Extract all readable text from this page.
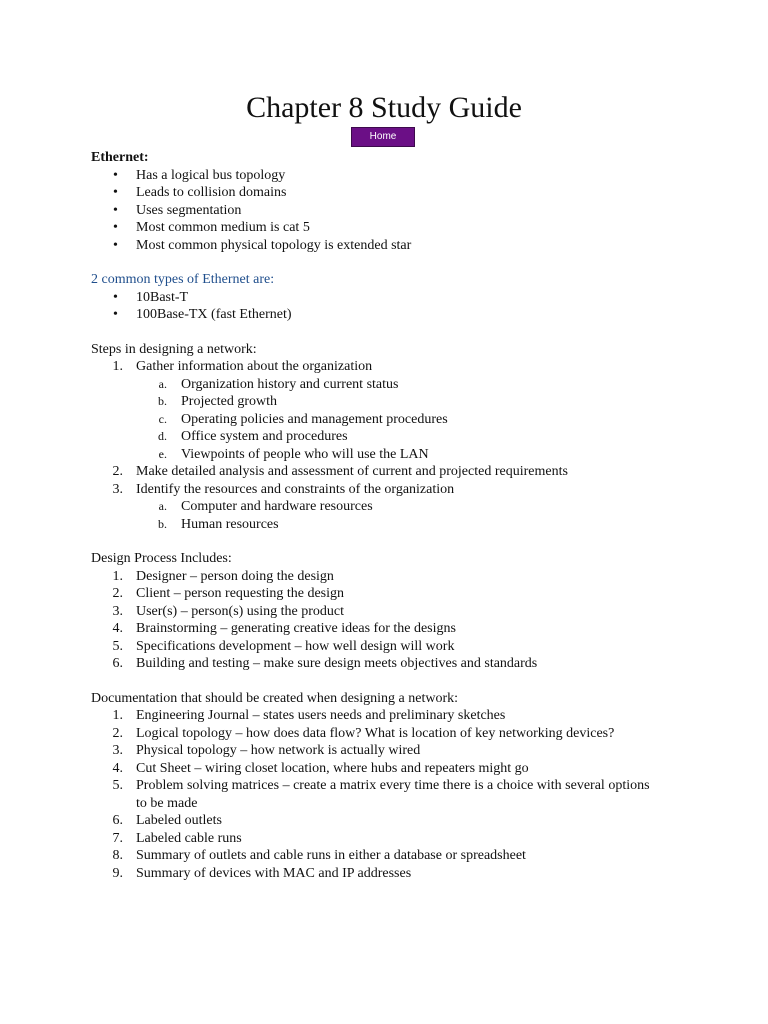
Chapter 8 Study Guide
Home
Ethernet:
• Has a logical bus topology
• Leads to collision domains
• Uses segmentation
• Most common medium is cat 5
• Most common physical topology is extended star
2 common types of Ethernet are:
• 10Bast-T
• 100Base-TX (fast Ethernet)
Steps in designing a network:
1. Gather information about the organization
a. Organization history and current status
b. Projected growth
c. Operating policies and management procedures
d. Office system and procedures
e. Viewpoints of people who will use the LAN
2. Make detailed analysis and assessment of current and projected requirements
3. Identify the resources and constraints of the organization
a. Computer and hardware resources
b. Human resources
Design Process Includes:
1. Designer – person doing the design
2. Client – person requesting the design
3. User(s) – person(s) using the product
4. Brainstorming – generating creative ideas for the designs
5. Specifications development – how well design will work
6. Building and testing – make sure design meets objectives and standards
Documentation that should be created when designing a network:
1. Engineering Journal – states users needs and preliminary sketches
2. Logical topology – how does data flow? What is location of key networking devices?
3. Physical topology – how network is actually wired
4. Cut Sheet – wiring closet location, where hubs and repeaters might go
5. Problem solving matrices – create a matrix every time there is a choice with several options to be made
6. Labeled outlets
7. Labeled cable runs
8. Summary of outlets and cable runs in either a database or spreadsheet
9. Summary of devices with MAC and IP addresses
